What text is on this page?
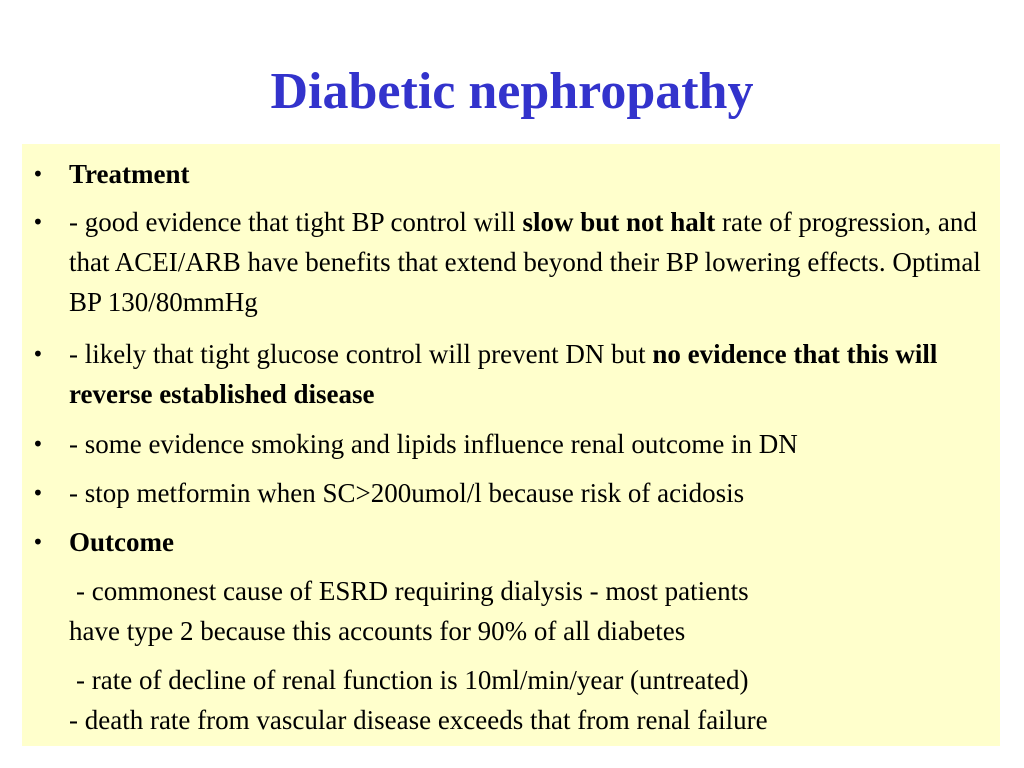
Diabetic nephropathy
• Treatment
• - good evidence that tight BP control will slow but not halt rate of progression, and that ACEI/ARB have benefits that extend beyond their BP lowering effects. Optimal BP 130/80mmHg
• - likely that tight glucose control will prevent DN but no evidence that this will reverse established disease
• - some evidence smoking and lipids influence renal outcome in DN
• - stop metformin when SC>200umol/l because risk of acidosis
• Outcome
- commonest cause of ESRD requiring dialysis - most patients
have type 2 because this accounts for 90% of all diabetes
- rate of decline of renal function is 10ml/min/year (untreated)
- death rate from vascular disease exceeds that from renal failure
